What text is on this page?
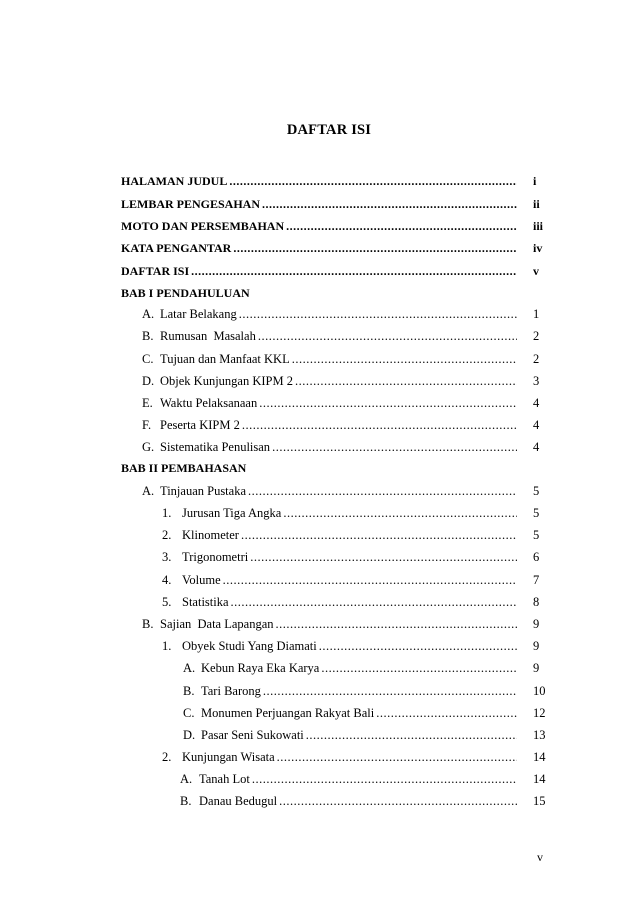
DAFTAR ISI
HALAMAN JUDUL .....	i
LEMBAR PENGESAHAN .....	ii
MOTO DAN PERSEMBAHAN .....	iii
KATA PENGANTAR .....	iv
DAFTAR ISI .....	v
BAB I PENDAHULUAN
A. Latar Belakang .....	1
B. Rumusan  Masalah .....	2
C. Tujuan dan Manfaat KKL .....	2
D. Objek Kunjungan KIPM 2 .....	3
E. Waktu Pelaksanaan .....	4
F. Peserta KIPM 2 .....	4
G. Sistematika Penulisan .....	4
BAB II PEMBAHASAN
A. Tinjauan Pustaka .....	5
1. Jurusan Tiga Angka .....	5
2. Klinometer .....	5
3. Trigonometri .....	6
4. Volume .....	7
5. Statistika .....	8
B. Sajian  Data Lapangan .....	9
1. Obyek Studi Yang Diamati .....	9
A. Kebun Raya Eka Karya .....	9
B. Tari Barong .....	10
C. Monumen Perjuangan Rakyat Bali .....	12
D. Pasar Seni Sukowati .....	13
2. Kunjungan Wisata .....	14
A. Tanah Lot .....	14
B. Danau Bedugul .....	15
v
